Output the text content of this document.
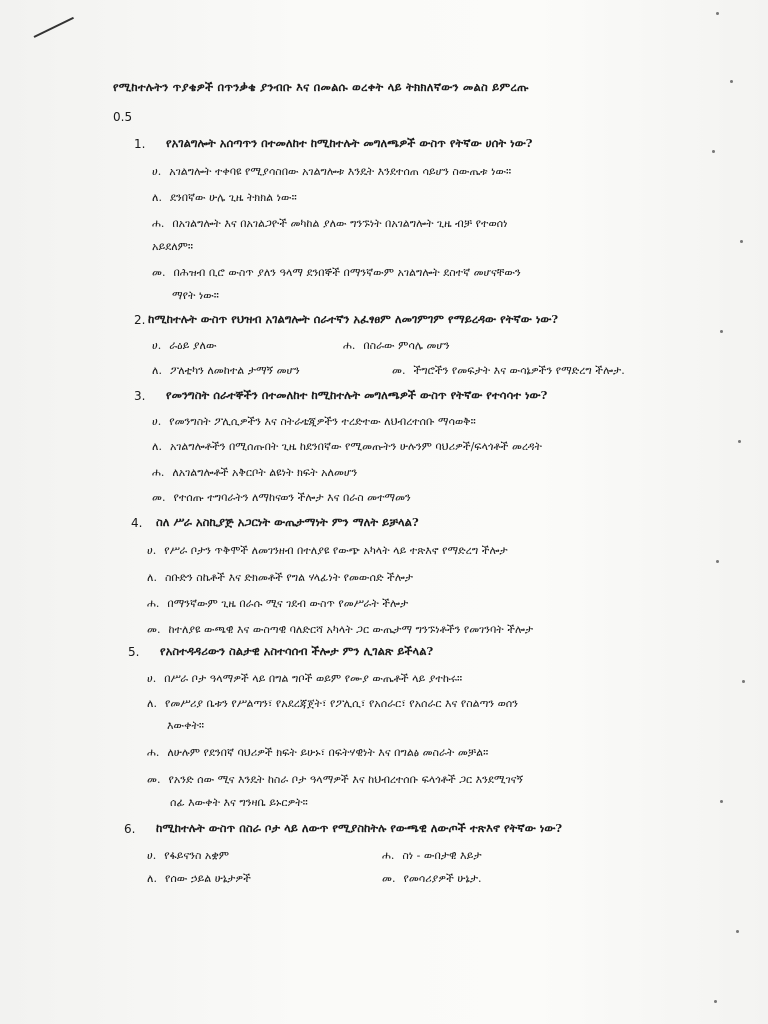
የሚከተሉትን ጥያቄዎች በጥንቃቄ ያንብቡ እና በመልሱ ወረቀት ላይ ትክክለኛውን መልስ ይምረጡ
0.5
1. የአገልግሎት አሰጣጥን በተመለከተ ከሚከተሉት መግለጫዎች ውስጥ የትኛው ሀሰት ነው?
ሀ. አገልግሎት ተቀባዩ የሚያሳስበው አገልግሎቱ እንዴት እንደተሰጠ ሳይሆን ስውጤቱ ነው።
ለ. ደንበኛው ሁሌ ጊዜ ትክክል ነው።
ሐ. በአገልግሎት እና በአገልጋዮች መካከል ያለው ግንኙነት በአገልግሎት ጊዜ ብቻ የተወሰነ
አይደለም።
መ. በሕዝብ ቢሮ ውስጥ ያለን ዓላማ ደንበኞች በማንኛውም አገልግሎት ደስተኛ መሆናቸውን
ማየት ነው።
2. ከሚከተሉት ውስጥ የህዝብ አገልግሎት ሰራተኛን አፈፃፀም ለመገምገም የማይረዳው የትኛው ነው?
ሀ. ራዕይ ያለው	ሐ. በስራው ምሳሌ መሆን
ለ. ፖለቲካን ለመከተል ታማኝ መሆን	መ. ችግሮችን የመፍታት እና ውሳኔዎችን የማድረግ ችሎታ.
3. የመንግስት ሰራተኞችን በተመለከተ ከሚከተሉት መግለጫዎች ውስጥ የትኛው የተሳሳተ ነው?
ሀ. የመንግስት ፖሊሲዎችን እና ስትራቴጂዎችን ተረድተው ለህብረተሰቡ ማሳወቅ።
ለ. አገልግሎቶችን በሚሰጡበት ጊዜ ከደንበኛው የሚመጡትን ሁሉንም ባህሪዎች/ፍላጎቶች መረዳት
ሐ. ለአገልግሎቶች አቅርቦት ልዩነት ክፍት አለመሆን
መ. የተሰጡ ተግባራትን ለማከናወን ችሎታ እና በራስ መተማመን
4. ስለ ሥራ አስኪያጅ አጋርነት ውጤታማነት ምን ማለት ይቻላል?
ሀ. የሥራ ቦታን ጥቅሞች ለመገንዘብ በተለያዩ የውጭ አካላት ላይ ተጽእኖ የማድረግ ችሎታ
ለ. ስቡድን ስኬቶች እና ድክመቶች የግል ሃላፊነት የመውሰድ ችሎታ
ሐ. በማንኛውም ጊዜ በራሱ ሚና ገደብ ውስጥ የመሥራት ችሎታ
መ. ከተለያዩ ውጫዊ እና ውስጣዊ ባለድርሻ አካላት ጋር ውጤታማ ግንኙነቶችን የመገንባት ችሎታ
5. የአስተዳዳሪውን ስልታዊ አስተሳሰብ ችሎታ ምን ሊገልጽ ይችላል?
ሀ. በሥራ ቦታ ዓላማዎች ላይ በግል ግቦች ወይም የሙያ ውጤቶች ላይ ያተኩሩ።
ለ. የመሥሪያ ቤቱን የሥልጣን፣ የአደረጃጀት፣ የፖሊሲ፣ የአሰራር፣ የአሰራር እና የስልጣን ወሰን
እውቀት።
ሐ. ለሁሉም የደንበኛ ባህሪዎች ክፍት ይሁኑ፣ በፍትሃዊነት እና በግልፅ መስራት መቻል።
መ. የአንድ ሰው ሚና እንዴት ከስራ ቦታ ዓላማዎች እና ከህብረተሰቡ ፍላጎቶች ጋር እንደሚገናኝ
ሰፊ እውቀት እና ግንዛቤ ይኑርዎት።
6. ከሚከተሉት ውስጥ በስራ ቦታ ላይ ለውጥ የሚያስከትሉ የውጫዊ ለውጦች ተጽእኖ የትኛው ነው?
ሀ. የፋይናንስ አቋም	ሐ. ስነ - ውበታዊ እይታ
ለ. የሰው ኃይል ሁኔታዎች	መ. የመሳሪያዎች ሁኔታ.
